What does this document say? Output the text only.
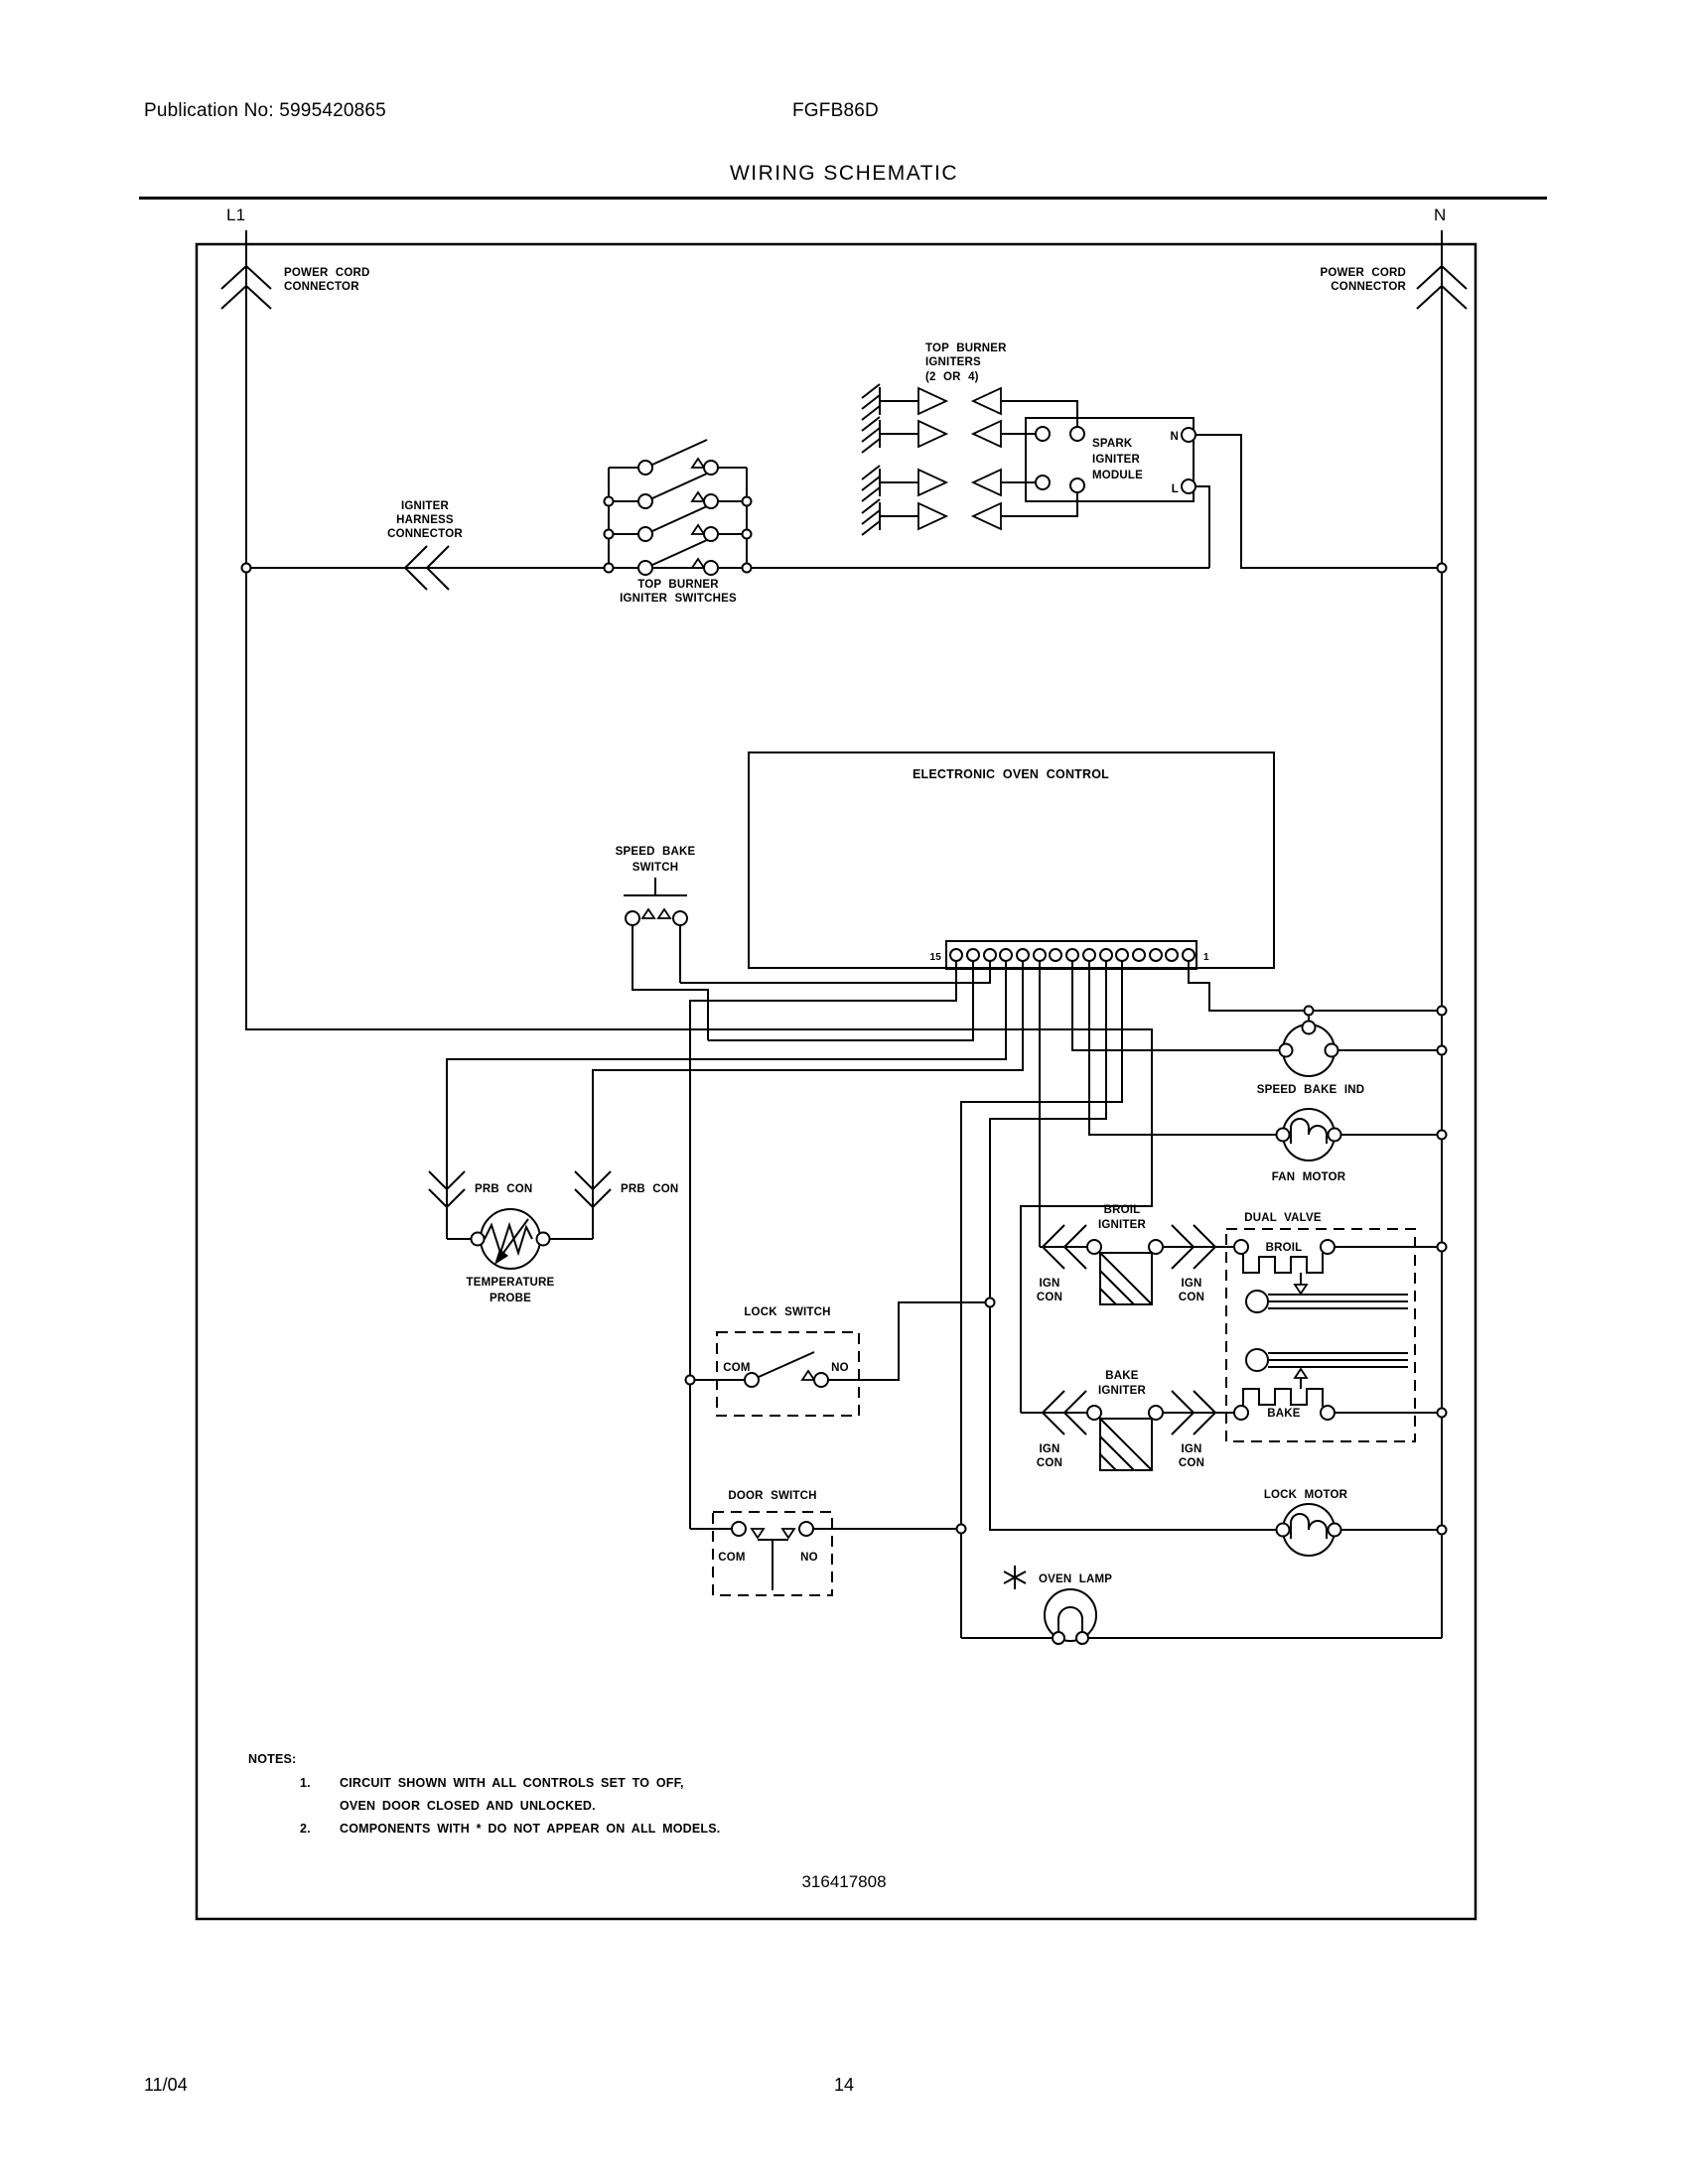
Publication No: 5995420865	FGFB86D
WIRING SCHEMATIC
L1
POWER CORD
CONNECTOR
N
POWER CORD
CONNECTOR
IGNITER
HARNESS
CONNECTOR
TOP BURNER
IGNITER SWITCHES
TOP BURNER
IGNITERS
(2 OR 4)
SPARK
IGNITER
MODULE
N
L
ELECTRONIC OVEN CONTROL
15	1
SPEED BAKE
SWITCH
PRB CON	PRB CON
TEMPERATURE
PROBE
SPEED BAKE IND
FAN MOTOR
BROIL
IGNITER
IGN
CON
IGN
CON
BAKE
IGNITER
IGN
CON
IGN
CON
DUAL VALVE
BROIL
BAKE
LOCK SWITCH
COM	NO
DOOR SWITCH
COM	NO
LOCK MOTOR
OVEN LAMP
NOTES:
1. CIRCUIT SHOWN WITH ALL CONTROLS SET TO OFF,
OVEN DOOR CLOSED AND UNLOCKED.
2. COMPONENTS WITH * DO NOT APPEAR ON ALL MODELS.
316417808
11/04	14
